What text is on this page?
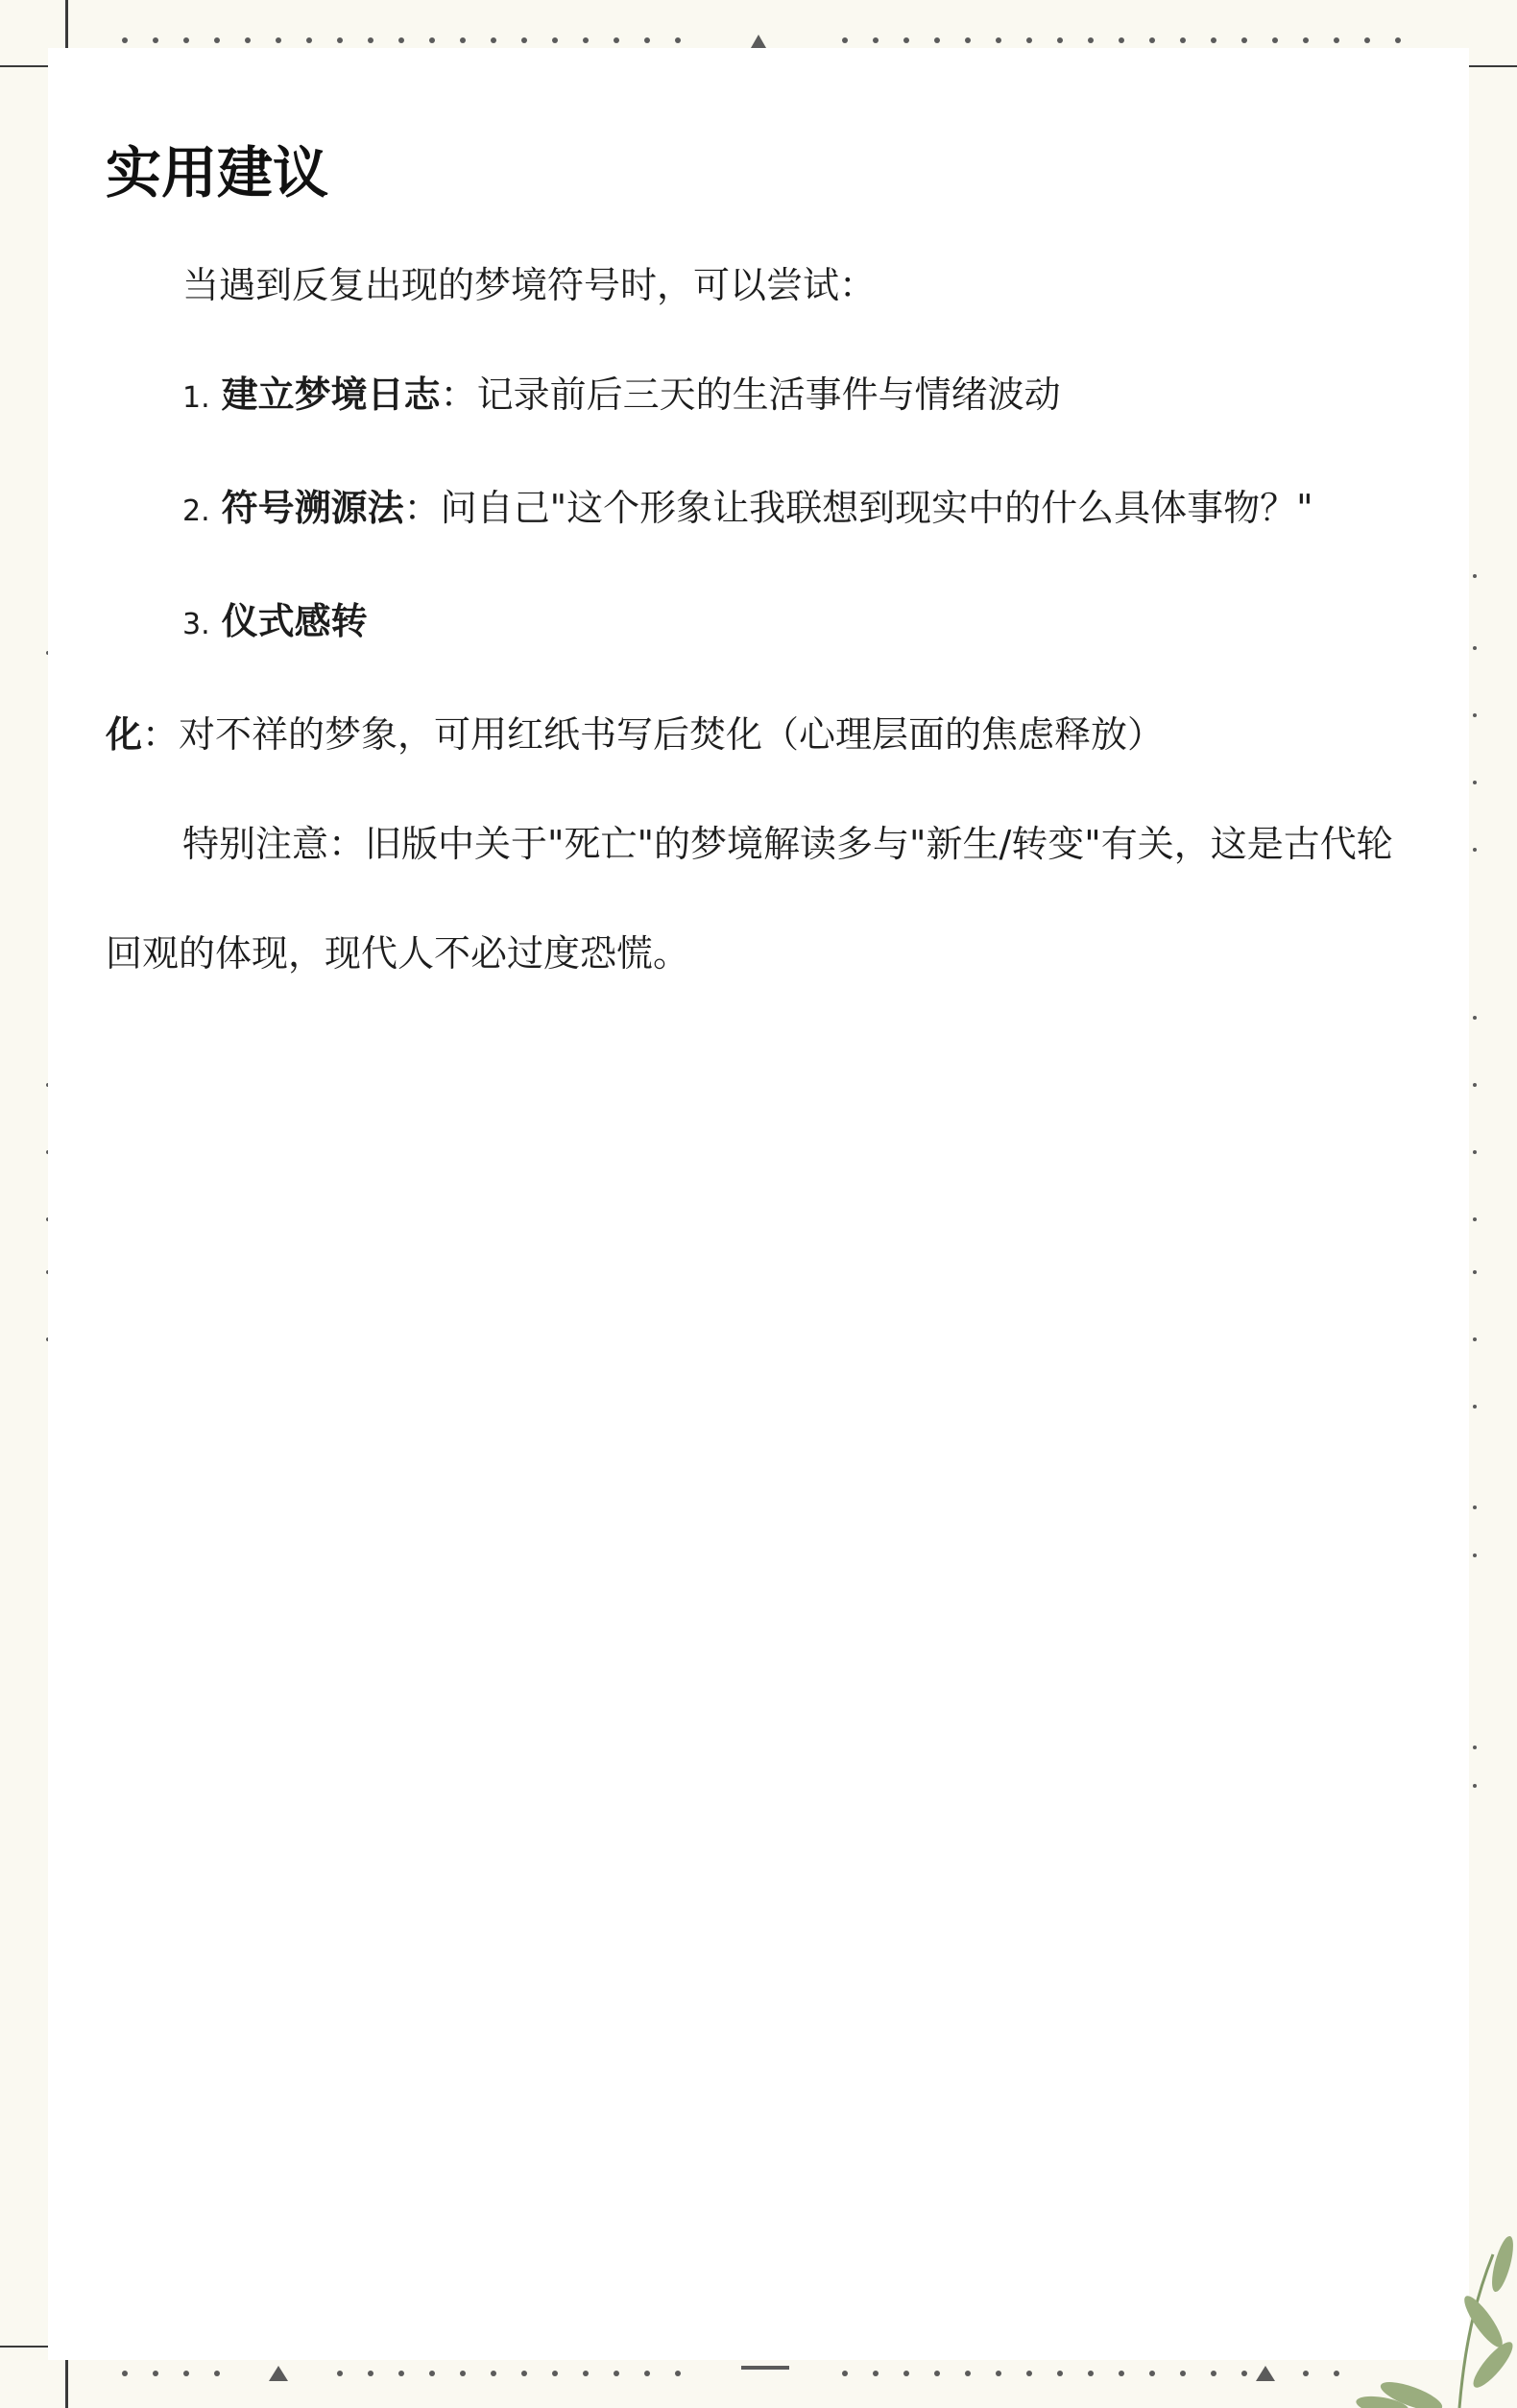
实用建议

当遇到反复出现的梦境符号时，可以尝试：

1. 建立梦境日志：记录前后三天的生活事件与情绪波动

2. 符号溯源法：问自己"这个形象让我联想到现实中的什么具体事物？"

3. 仪式感转化：对不祥的梦象，可用红纸书写后焚化（心理层面的焦虑释放）

特别注意：旧版中关于"死亡"的梦境解读多与"新生/转变"有关，这是古代轮回观的体现，现代人不必过度恐慌。
